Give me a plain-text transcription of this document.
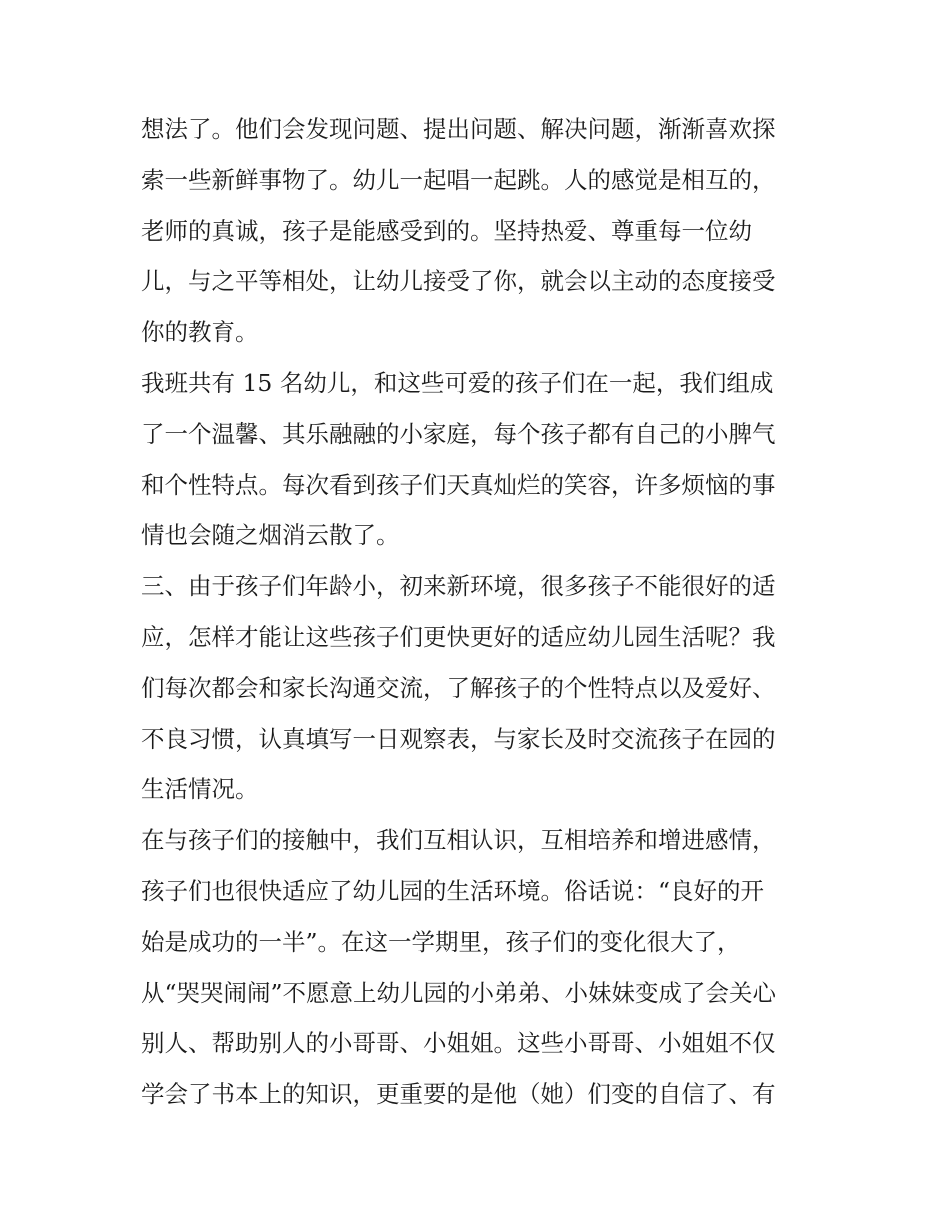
想法了。他们会发现问题、提出问题、解决问题，渐渐喜欢探
索一些新鲜事物了。幼儿一起唱一起跳。人的感觉是相互的，
老师的真诚，孩子是能感受到的。坚持热爱、尊重每一位幼
儿，与之平等相处，让幼儿接受了你，就会以主动的态度接受
你的教育。
我班共有 15 名幼儿，和这些可爱的孩子们在一起，我们组成
了一个温馨、其乐融融的小家庭，每个孩子都有自己的小脾气
和个性特点。每次看到孩子们天真灿烂的笑容，许多烦恼的事
情也会随之烟消云散了。
三、由于孩子们年龄小，初来新环境，很多孩子不能很好的适
应，怎样才能让这些孩子们更快更好的适应幼儿园生活呢？我
们每次都会和家长沟通交流，了解孩子的个性特点以及爱好、
不良习惯，认真填写一日观察表，与家长及时交流孩子在园的
生活情况。
在与孩子们的接触中，我们互相认识，互相培养和增进感情，
孩子们也很快适应了幼儿园的生活环境。俗话说：“良好的开
始是成功的一半”。在这一学期里，孩子们的变化很大了，
从“哭哭闹闹”不愿意上幼儿园的小弟弟、小妹妹变成了会关心
别人、帮助别人的小哥哥、小姐姐。这些小哥哥、小姐姐不仅
学会了书本上的知识，更重要的是他（她）们变的自信了、有
